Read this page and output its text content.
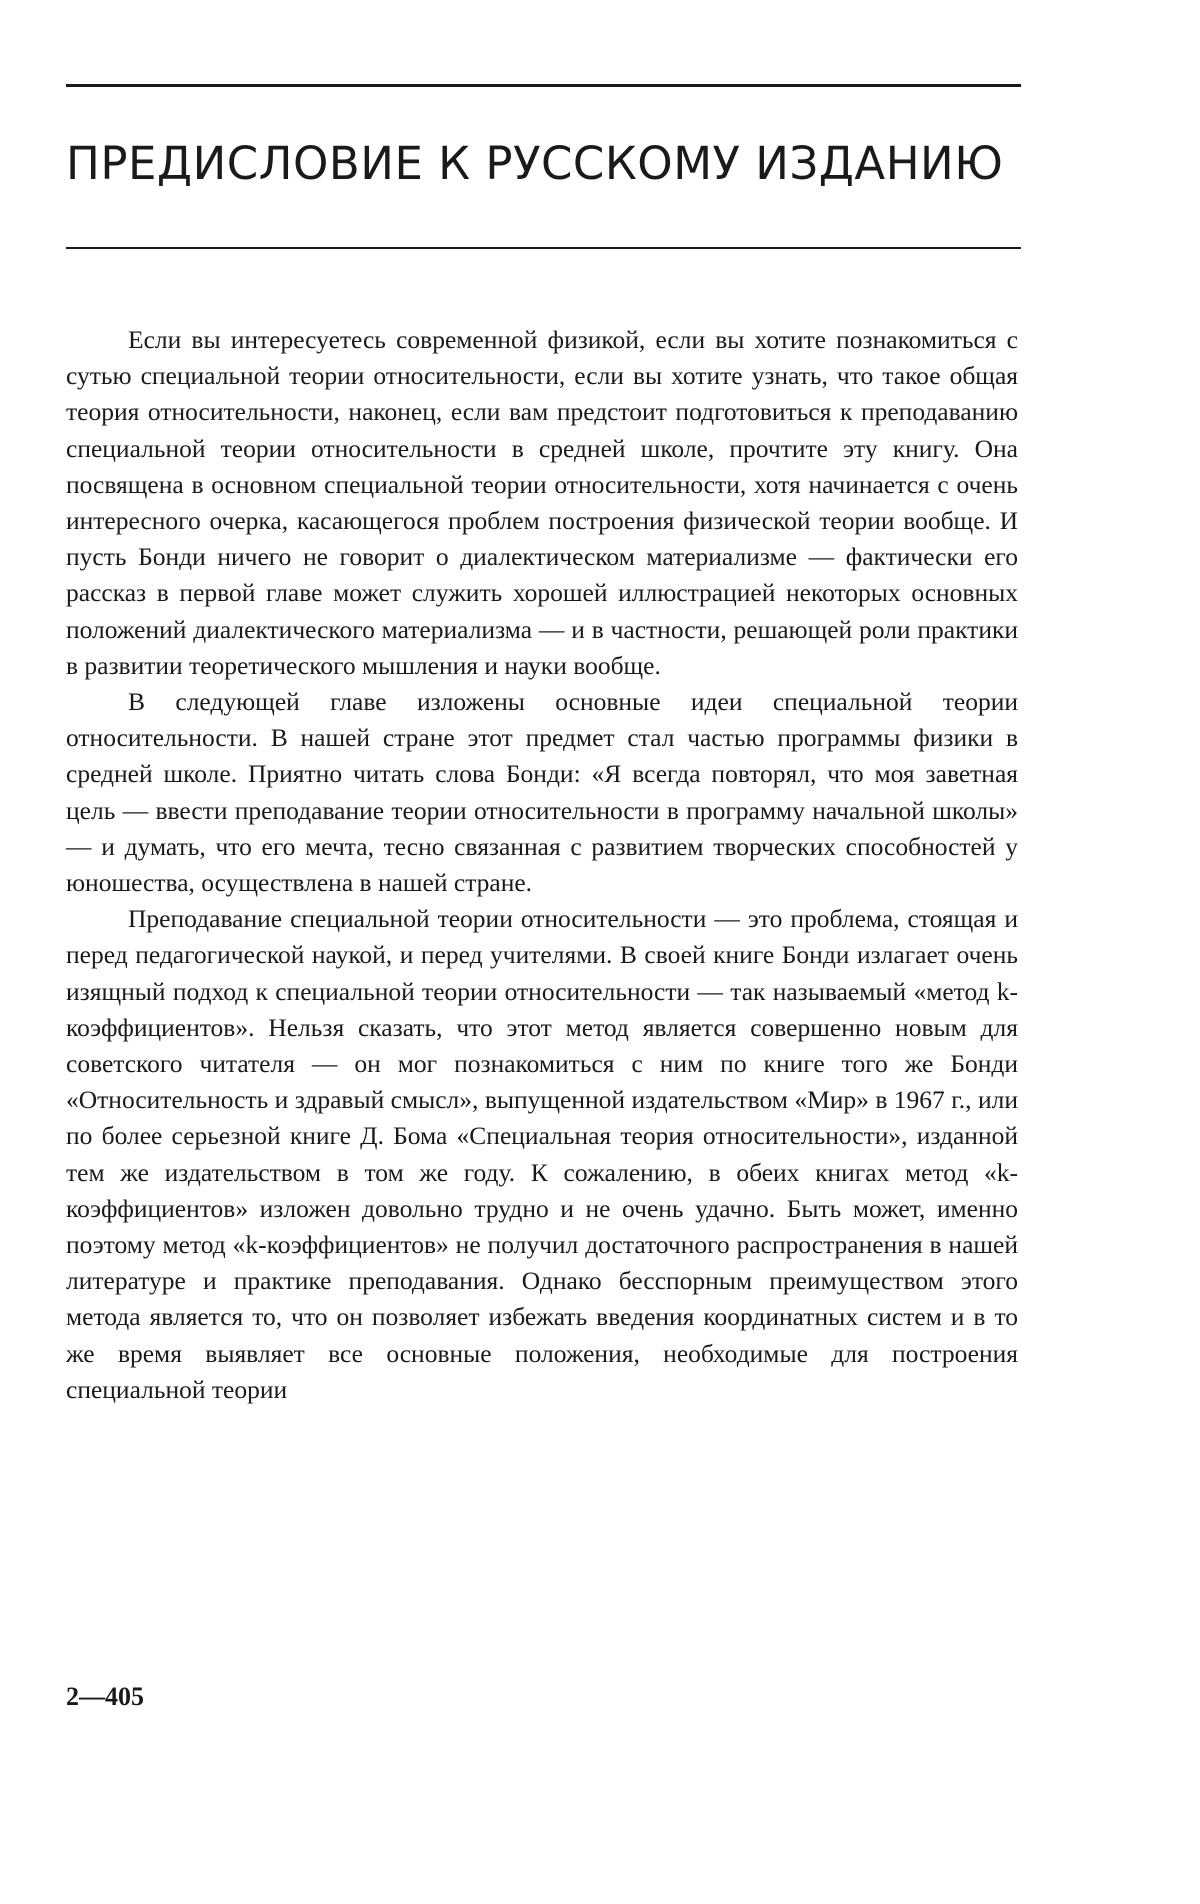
ПРЕДИСЛОВИЕ К РУССКОМУ ИЗДАНИЮ

Если вы интересуетесь современной физикой, если вы хотите познакомиться с сутью специальной теории относительности, если вы хотите узнать, что такое общая теория относительности, наконец, если вам предстоит подготовиться к преподаванию специальной теории относительности в средней школе, прочтите эту книгу. Она посвящена в основном специальной теории относительности, хотя начинается с очень интересного очерка, касающегося проблем построения физической теории вообще. И пусть Бонди ничего не говорит о диалектическом материализме — фактически его рассказ в первой главе может служить хорошей иллюстрацией некоторых основных положений диалектического материализма — и в частности, решающей роли практики в развитии теоретического мышления и науки вообще.

В следующей главе изложены основные идеи специальной теории относительности. В нашей стране этот предмет стал частью программы физики в средней школе. Приятно читать слова Бонди: «Я всегда повторял, что моя заветная цель — ввести преподавание теории относительности в программу начальной школы» — и думать, что его мечта, тесно связанная с развитием творческих способностей у юношества, осуществлена в нашей стране.

Преподавание специальной теории относительности — это проблема, стоящая и перед педагогической наукой, и перед учителями. В своей книге Бонди излагает очень изящный подход к специальной теории относительности — так называемый «метод k-коэффициентов». Нельзя сказать, что этот метод является совершенно новым для советского читателя — он мог познакомиться с ним по книге того же Бонди «Относительность и здравый смысл», выпущенной издательством «Мир» в 1967 г., или по более серьезной книге Д. Бома «Специальная теория относительности», изданной тем же издательством в том же году. К сожалению, в обеих книгах метод «k-коэффициентов» изложен довольно трудно и не очень удачно. Быть может, именно поэтому метод «k-коэффициентов» не получил достаточного распространения в нашей литературе и практике преподавания. Однако бесспорным преимуществом этого метода является то, что он позволяет избежать введения координатных систем и в то же время выявляет все основные положения, необходимые для построения специальной теории

2—405
